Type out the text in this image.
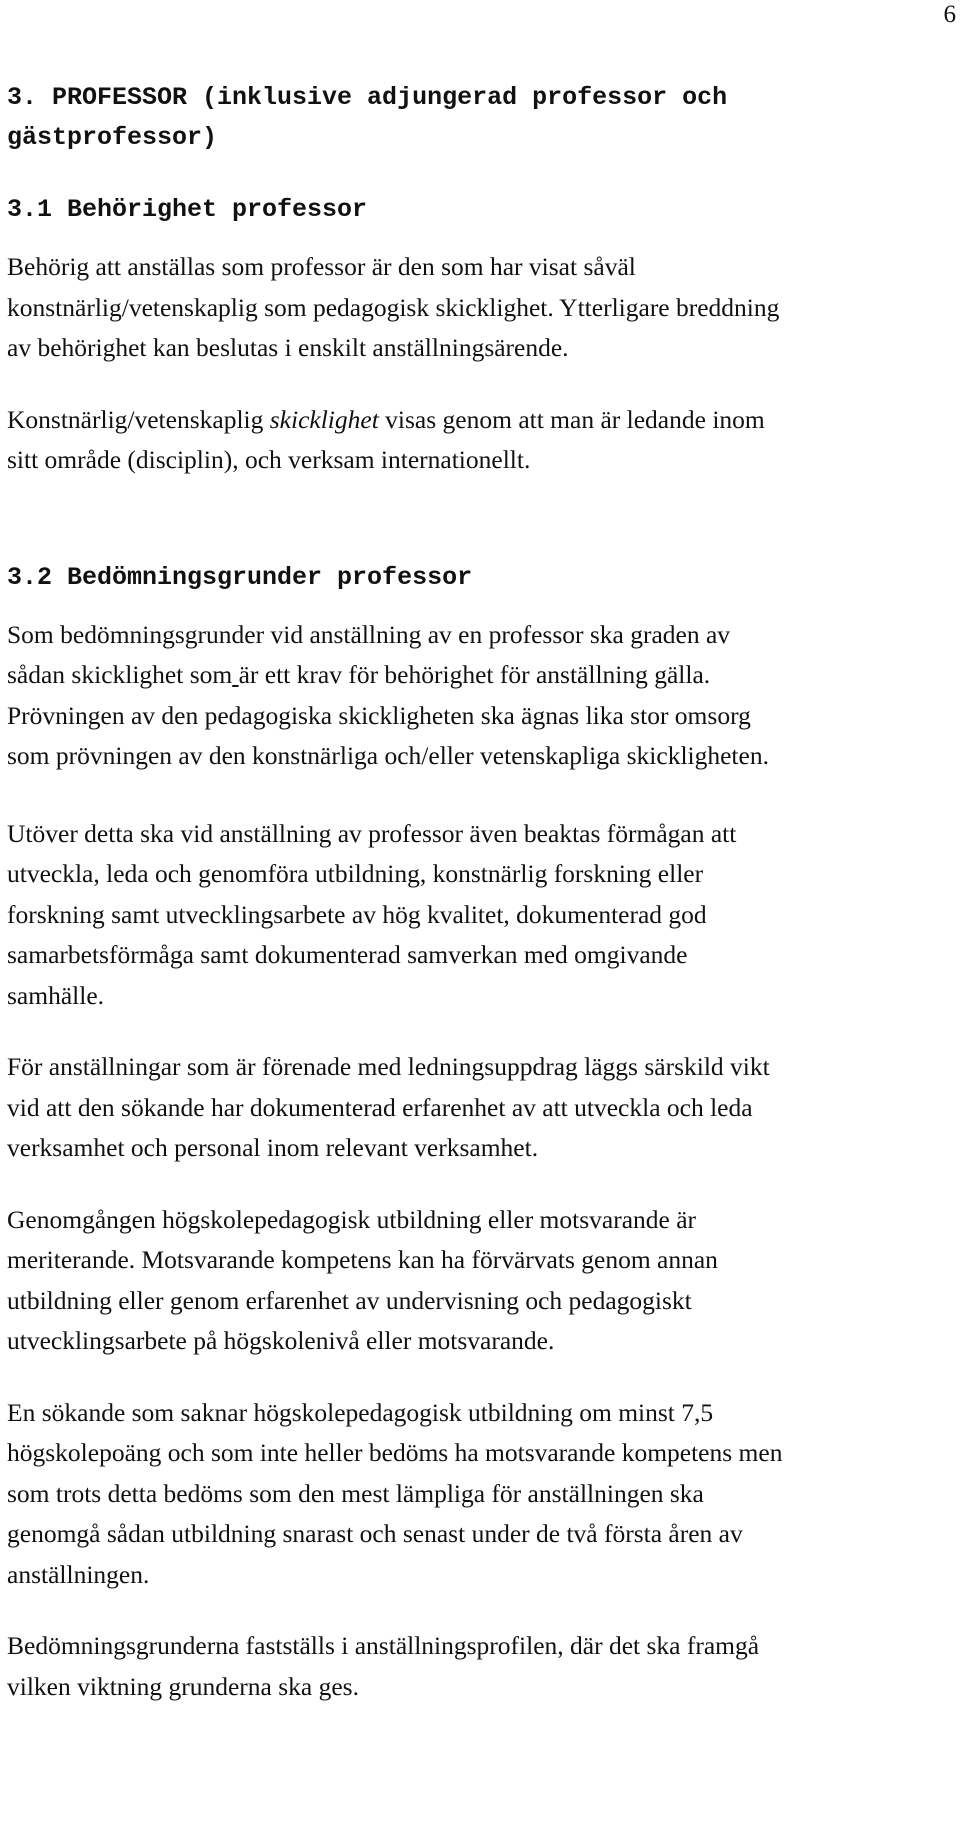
6

3. PROFESSOR (inklusive adjungerad professor och

gästprofessor)

3.1 Behörighet professor

Behörig att anställas som professor är den som har visat såväl

konstnärlig/vetenskaplig som pedagogisk skicklighet. Ytterligare breddning

av behörighet kan beslutas i enskilt anställningsärende.

Konstnärlig/vetenskaplig skicklighet visas genom att man är ledande inom

sitt område (disciplin), och verksam internationellt.

3.2 Bedömningsgrunder professor

Som bedömningsgrunder vid anställning av en professor ska graden av

sådan skicklighet som är ett krav för behörighet för anställning gälla.

Prövningen av den pedagogiska skickligheten ska ägnas lika stor omsorg

som prövningen av den konstnärliga och/eller vetenskapliga skickligheten.

Utöver detta ska vid anställning av professor även beaktas förmågan att

utveckla, leda och genomföra utbildning, konstnärlig forskning eller

forskning samt utvecklingsarbete av hög kvalitet, dokumenterad god

samarbetsförmåga samt dokumenterad samverkan med omgivande

samhälle.

För anställningar som är förenade med ledningsuppdrag läggs särskild vikt

vid att den sökande har dokumenterad erfarenhet av att utveckla och leda

verksamhet och personal inom relevant verksamhet.

Genomgången högskolepedagogisk utbildning eller motsvarande är

meriterande. Motsvarande kompetens kan ha förvärvats genom annan

utbildning eller genom erfarenhet av undervisning och pedagogiskt

utvecklingsarbete på högskolenivå eller motsvarande.

En sökande som saknar högskolepedagogisk utbildning om minst 7,5

högskolepoäng och som inte heller bedöms ha motsvarande kompetens men

som trots detta bedöms som den mest lämpliga för anställningen ska

genomgå sådan utbildning snarast och senast under de två första åren av

anställningen.

Bedömningsgrunderna fastställs i anställningsprofilen, där det ska framgå

vilken viktning grunderna ska ges.
